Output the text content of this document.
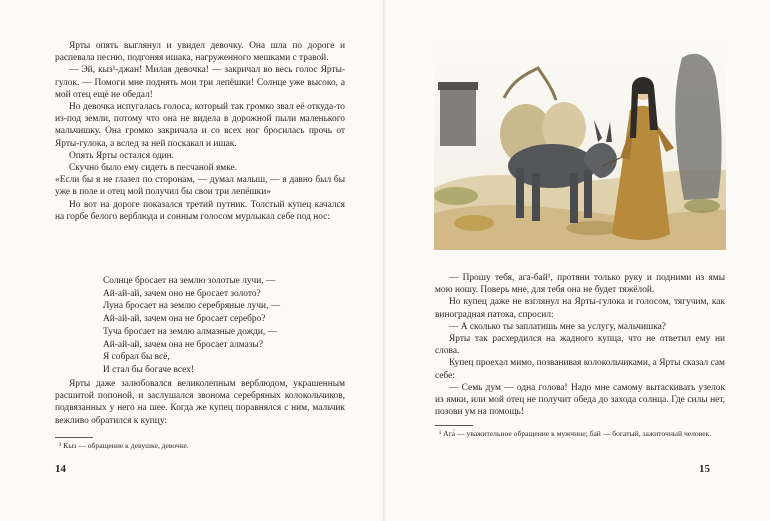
Ярты опять выглянул и увидел девочку. Она шла по дороге и распевала песню, подгоняя ишака, нагруженного мешками с травой.

— Эй, кыз¹-джан! Милая девочка! — закричал во весь голос Ярты-гулок. — Помоги мне поднять мои три лепёшки! Солнце уже высоко, а мой отец ещё не обедал!

Но девочка испугалась голоса, который так громко звал её откуда-то из-под земли, потому что она не видела в дорожной пыли маленького мальчишку. Она громко закричала и со всех ног бросилась прочь от Ярты-гулока, а вслед за ней поскакал и ишак.

Опять Ярты остался один.

Скучно было ему сидеть в песчаной ямке.

«Если бы я не глазел по сторонам, — думал малыш, — я давно был бы уже в поле и отец мой получил бы свои три лепёшки»

Но вот на дороге показался третий путник. Толстый купец качался на горбе белого верблюда и сонным голосом мурлыкал себе под нос:

Солнце бросает на землю золотые лучи, —
Ай-ай-ай, зачем оно не бросает золото?
Луна бросает на землю серебряные лучи, —
Ай-ай-ай, зачем она не бросает серебро?
Туча бросает на землю алмазные дожди, —
Ай-ай-ай, зачем она не бросает алмазы?
Я собрал бы всё,
И стал бы богаче всех!

Ярты даже залюбовался великолепным верблюдом, украшенным расшитой попоной, и заслушался звонома серебряных колокольчиков, подвязанных у него на шее. Когда же купец поравнялся с ним, мальчик вежливо обратился к купцу:

¹ Кыз — обращение к девушке, девочке.
14

— Прошу тебя, ага-бай¹, протяни только руку и подними из ямы мою ношу. Поверь мне, для тебя она не будет тяжёлой.

Но купец даже не взглянул на Ярты-гулока и голосом, тягучим, как виноградная патока, спросил:

— А сколько ты заплатишь мне за услугу, мальчишка?

Ярты так расхердился на жадного купца, что не ответил ему ни слова.

Купец проехал мимо, позванивая колокольчиками, а Ярты сказал сам себе:

— Семь дум — одна голова! Надо мне самому вытаскивать узелок из ямки, или мой отец не получит обеда до захода солнца. Где силы нет, позови ум на помощь!

¹ Ага́ — уважительное обращение к мужчине; бай — богатый, зажиточный человек.
15
